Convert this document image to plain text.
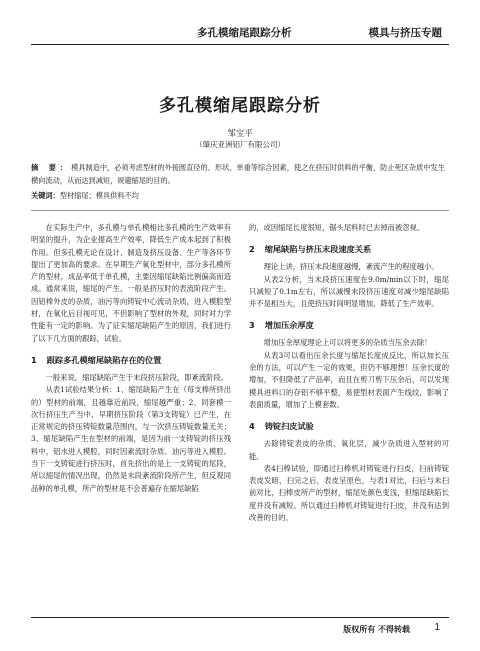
多孔模缩尾跟踪分析	模具与挤压专题
多孔模缩尾跟踪分析
邹宝平
（肇庆亚洲铝厂有限公司）
摘 要：模具制造中，必须考虑型材的外接圆直径的、形状、单重等综合因素，使之在挤压时供料的平衡，防止死区杂质中发生横向流动，从而达到减短，规避缩尾的目的。
关键词：型材缩尾；模具供料不均

在实际生产中，多孔模与单孔模相比多孔模的生产效率有明显的提升，为企业提高生产效率，降低生产成本起到了积极作用。但多孔模无论在设计、制造及挤压设备、生产等各环节提出了更加高的要求。在早期生产氧化型材中，部分多孔模所产的型材，成品率低于单孔模，主要因缩尾缺陷比例偏高而造成。通常来说，缩尾的产生，一般是挤压时的表流阶段产生。因铝棒外皮的杂质，油污等向铸锭中心流动杂质，进入模腔型材，在氧化后目视可见，不但影响了型材的外观，同时对力学性能有一定的影响。为了证实缩尾缺陷产生的原因，我们进行了以下几方面的跟踪，试验。

1 跟踪多孔模缩尾缺陷存在的位置

一般来说，缩尾缺陷产生于末段挤压阶段，即紊流阶段。

从表1试验结果分析：1、缩尾缺陷产生在（每支棒所挤出的）型材的前端，且越靠近前段，缩尾越严重；2、同套模一次行挤压生产当中，早期挤压阶段（第3支铸锭）已产生，在正常规定的挤压铸锭数量范围内，与一次挤压铸锭数量无关；3、缩尾缺陷产生在型材的前端，是因为前一支铸锭的挤压残料中，铝水进入模腔，同时因素流时杂质、油污等进入模腔。当下一支铸锭进行挤压时，首先挤出的是上一支铸锭的尾段，所以缩尾的情况出现，仍然是末段紊流阶段所产生，但反观同品种的单孔模，所产的型材是不会普遍存在缩尾缺陷

的，或因缩尾长度很短，锯头尾料时已去掉而被忽视。

2 缩尾缺陷与挤压末段速度关系

理论上讲，挤压末段速度越慢，紊流产生的程度越小。

从表2分析，当末段挤压速度在9.0m/min以下时，缩尾只减短了0.1m左右，所以减慢末段挤压速度对减少缩尾缺陷并不是相当大，且使挤压时间明显增加，降低了生产效率。

3 增加压余厚度

增加压余厚度理论上可以将更多的杂质当压余去除！

从表3可以看出压余长度与缩尾长度成反比，所以加长压余的方法，可以产生一定的效果，但仍不够理想！压余长度的增加，不但降低了产品率，而且在剪刀剪下压余后，可以发现模具进料口的存铝不够平整，易使型材表面产生线纹，影响了表面质量，增加了上模套数。

4 铸锭扫皮试验

去除铸锭表皮的杂质、氧化层，减少杂质进入型材的可能。

表4扫棒试验，即通过扫棒机对铸锭进行扫皮，扫前铸锭表皮发暗，扫完之后，表皮呈原色，与表1对比，扫后与未扫前对比，扫棒皮所产的型材，缩尾处颜色变浅，但缩尾缺陷长度并没有减短。所以通过扫棒机对铸锭进行扫皮，并没有达到改善的目的。

版权所有 不得转载 1
